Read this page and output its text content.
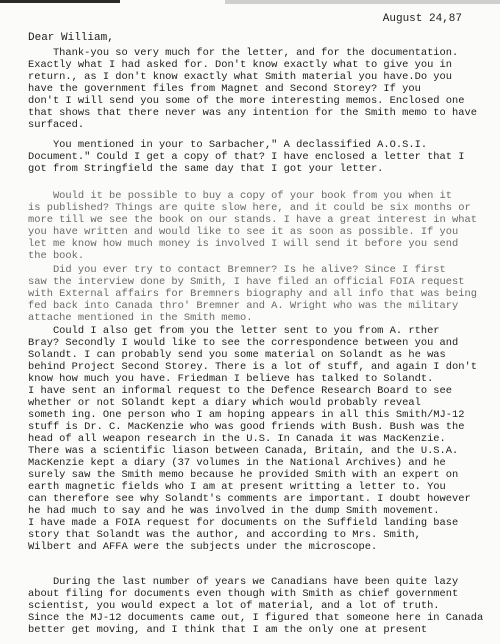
August 24,87
Dear William,
Thank-you so very much for the letter, and for the documentation.
Exactly what I had asked for. Don't know exactly what to give you in
return., as I don't know exactly what Smith material you have.Do you
have the government files from Magnet and Second Storey? If you
don't I will send you some of the more interesting memos. Enclosed one
that shows that there never was any intention for the Smith memo to have
surfaced.
You mentioned in your to Sarbacher," A declassified A.O.S.I.
Document." Could I get a copy of that? I have enclosed a letter that I
got from Stringfield the same day that I got your letter.
Would it be possible to buy a copy of your book from you when it
is published? Things are quite slow here, and it could be six months or
more till we see the book on our stands. I have a great interest in what
you have written and would like to see it as soon as possible. If you
let me know how much money is involved I will send it before you send
the book.
Did you ever try to contact Bremner? Is he alive? Since I first
saw the interview done by Smith, I have filed an official FOIA request
with External affairs for Bremners biography and all info that was being
fed back into Canada thro' Bremner and A. Wright who was the military
attache mentioned in the Smith memo.
Could I also get from you the letter sent to you from A. rther
Bray? Secondly I would like to see the correspondence between you and
Solandt. I can probably send you some material on Solandt as he was
behind Project Second Storey. There is a lot of stuff, and again I don't
know how much you have. Friedman I believe has talked to Solandt.
I have sent an informal request to the Defence Research Board to see
whether or not SOlandt kept a diary which would probably reveal
someth ing. One person who I am hoping appears in all this Smith/MJ-12
stuff is Dr. C. MacKenzie who was good friends with Bush. Bush was the
head of all weapon research in the U.S. In Canada it was MacKenzie.
There was a scientific liason between Canada, Britain, and the U.S.A.
MacKenzie kept a diary (37 volumes in the National Archives) and he
surely saw the Smith memo because he provided Smith with an expert on
earth magnetic fields who I am at present writting a letter to. You
can therefore see why Solandt's comments are important. I doubt however
he had much to say and he was involved in the dump Smith movement.
I have made a FOIA request for documents on the Suffield landing base
story that Solandt was the author, and according to Mrs. Smith,
Wilbert and AFFA were the subjects under the microscope.
During the last number of years we Canadians have been quite lazy
about filing for documents even though with Smith as chief government
scientist, you would expect a lot of material, and a lot of truth.
Since the MJ-12 documents came out, I figured that someone here in Canada
better get moving, and I think that I am the only one at present
